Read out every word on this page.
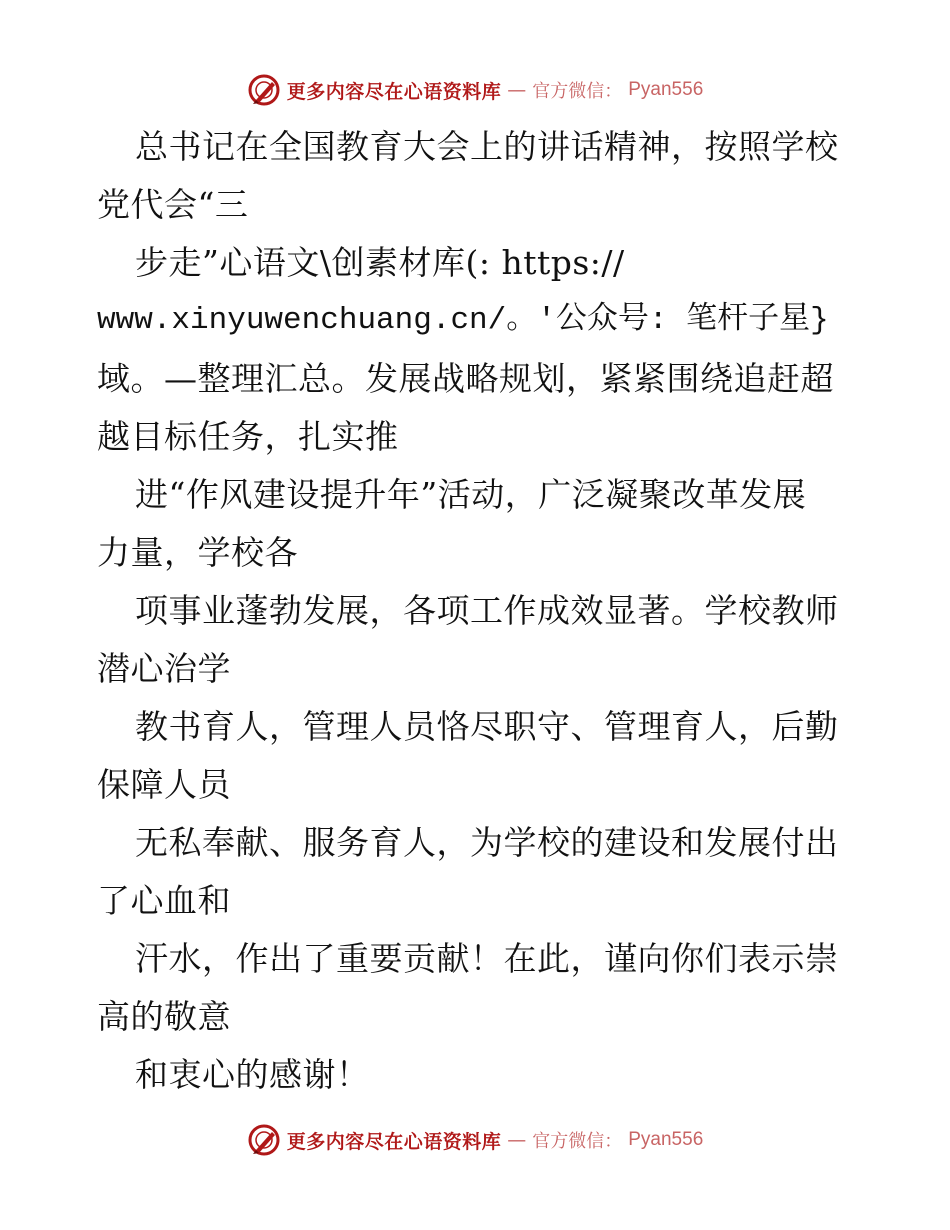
更多内容尽在心语资料库 — 官方微信： Pyan556
总书记在全国教育大会上的讲话精神，按照学校
党代会“三
步走”心语文\创素材库(: https://
www.xinyuwenchuang.cn/。′公众号: 笔杆子星}
域。—整理汇总。发展战略规划，紧紧围绕追赶超
越目标任务，扎实推
进“作风建设提升年”活动，广泛凝聚改革发展
力量，学校各
项事业蓬勃发展，各项工作成效显著。学校教师
潜心治学
教书育人，管理人员恪尽职守、管理育人，后勤
保障人员
无私奉献、服务育人，为学校的建设和发展付出
了心血和
汗水，作出了重要贡献！在此，谨向你们表示崇
高的敬意
和衷心的感谢！
更多内容尽在心语资料库 — 官方微信： Pyan556
